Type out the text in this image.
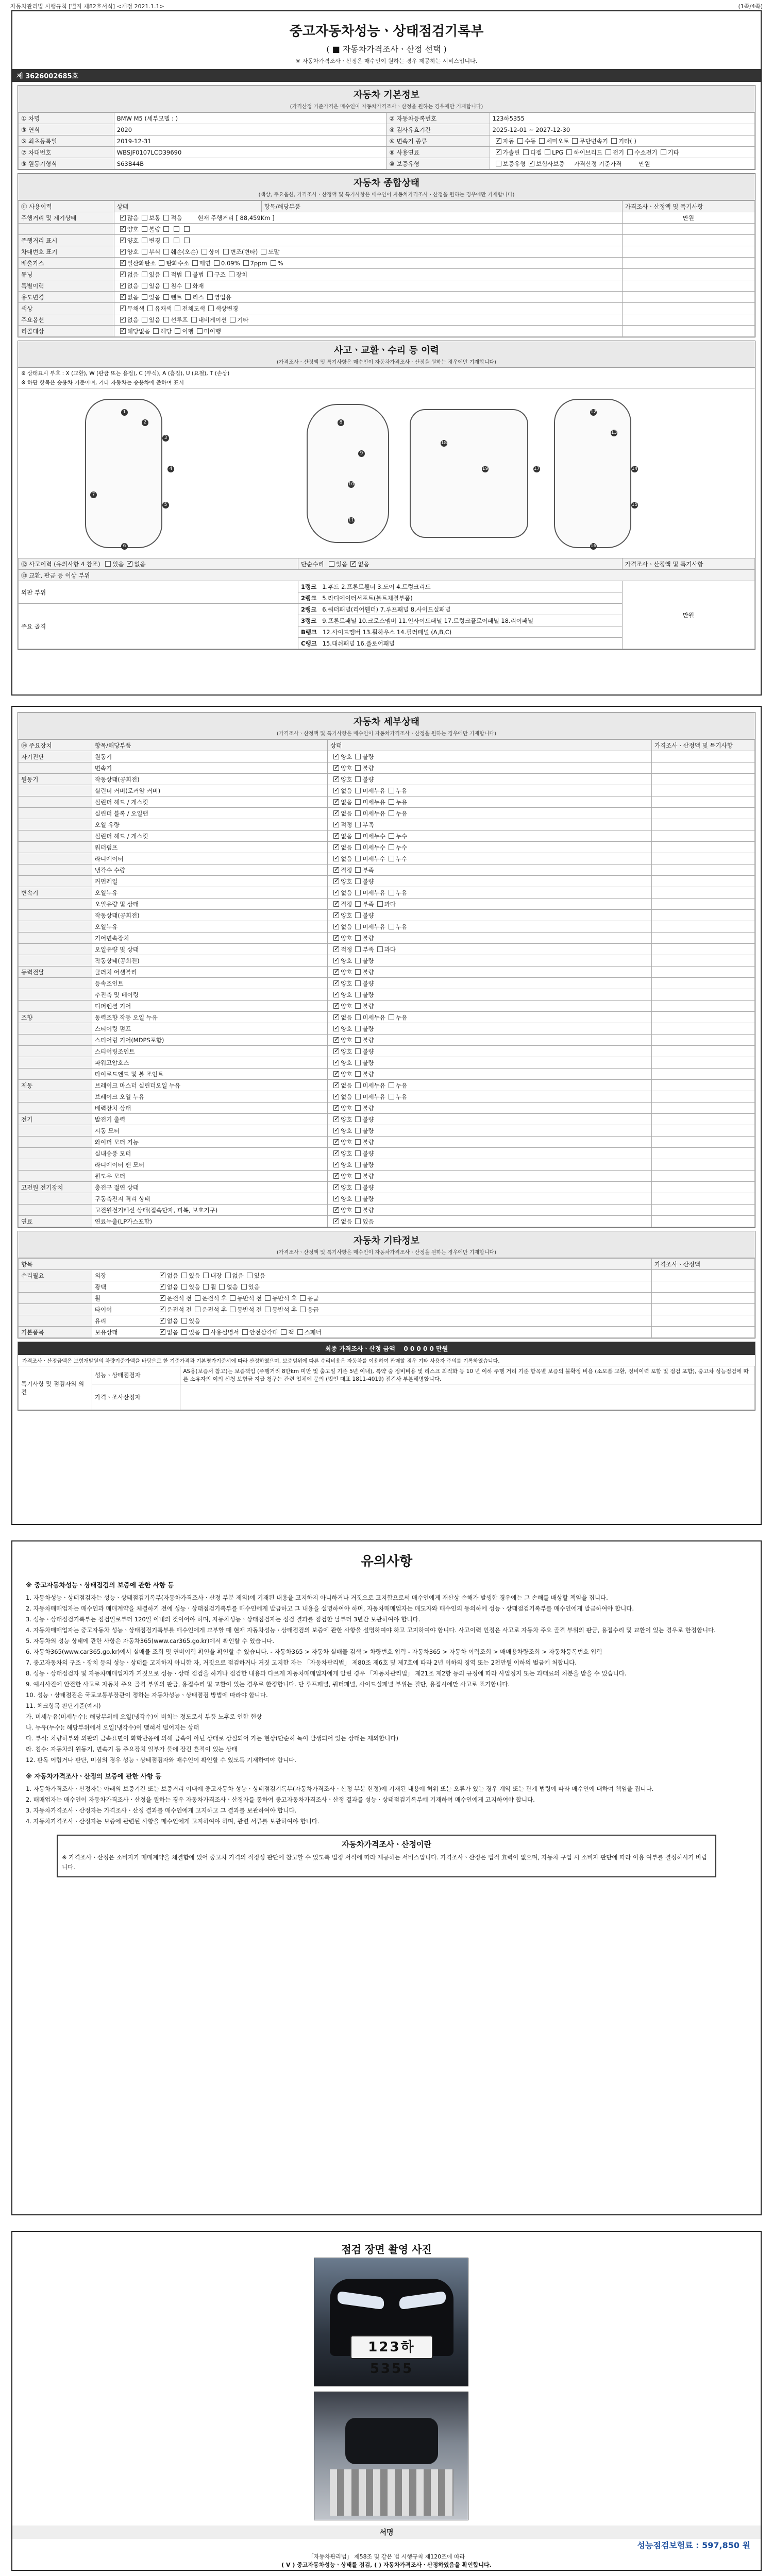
자동차관리법 시행규칙 [별지 제82호서식] <개정 2021.1.1>	(1쪽/4쪽)
중고자동차성능ㆍ상태점검기록부
( ■ 자동차가격조사ㆍ산정 선택 )
※ 자동차가격조사ㆍ산정은 매수인이 원하는 경우 제공하는 서비스입니다.
제 3626002685호
자동차 기본정보
(가격산정 기준가격은 매수인이 자동차가격조사ㆍ산정을 원하는 경우에만 기재합니다)
① 차명	BMW M5 (세부모델 : )	② 자동차등록번호	123하5355
③ 연식	2020	④ 검사유효기간	2025-12-01 ~ 2027-12-30
⑤ 최초등록일	2019-12-31	⑥ 변속기 종류	✓자동 수동 세미오토 무단변속기 기타( )
⑦ 차대번호	WBSJF0107LCD39690	⑧ 사용연료	✓가솔린 디젤 LPG 하이브리드 전기 수소전기 기타
⑨ 원동기형식	S63B44B	⑩ 보증유형	보증유형 ✓ 보험사보증 가격산정 기준가격 만원
자동차 종합상태
(색상, 주요옵션, 가격조사ㆍ산정액 및 특기사항은 매수인이 자동차가격조사ㆍ산정을 원하는 경우에만 기재합니다)
⑪ 사용이력	상태	항목/해당부품	가격조사ㆍ산정액 및 특기사항
주행거리 및 계기상태	✓많음 보통 적음 현재 주행거리 [ 88,459Km ]		만원
	✓양호 불량	
주행거리 표시	✓양호 변경	
차대번호 표기	✓양호 부식 훼손(오손) 상이 변조(변타) 도말	
배출가스	✓일산화탄소 탄화수소 매연 0.09% 7ppm %	
튜닝	✓없음 있음 적법 불법 구조 장치	
특별이력	✓없음 있음 침수 화재	
용도변경	✓없음 있음 렌트 리스 영업용	
색상	✓무채색 유채색 전체도색 색상변경	
주요옵션	✓없음 있음 선루프 내비게이션 기타	
리콜대상	✓해당없음 해당 이행 미이행	
사고ㆍ교환ㆍ수리 등 이력
(가격조사ㆍ산정액 및 특기사항은 매수인이 자동차가격조사ㆍ산정을 원하는 경우에만 기재합니다)
※ 상태표시 부호 : X (교환), W (판금 또는 용접), C (부식), A (흠집), U (요철), T (손상)
※ 하단 항목은 승용차 기준이며, 기타 자동차는 승용차에 준하여 표시
1
2
3
4
5
6
7
8
9
10
11
12
13
14
15
16
17
18
19
⑫ 사고이력 (유의사항 4 참조) 있음 ✓ 없음	단순수리 있음 ✓ 없음	가격조사ㆍ산정액 및 특기사항
⑬ 교환, 판금 등 이상 부위		
외판 부위	1랭크 1.후드 2.프론트휀더 3.도어 4.트렁크리드	만원
	2랭크 5.라디에이터서포트(볼트체결부품)	
주요 골격	2랭크 6.쿼터패널(리어휀더) 7.루프패널 8.사이드실패널	
	3랭크 9.프론트패널 10.크로스멤버 11.인사이드패널 17.트렁크플로어패널 18.리어패널	
	B랭크 12.사이드멤버 13.휠하우스 14.필러패널 (A,B,C)	
	C랭크 15.대쉬패널 16.플로어패널	
자동차 세부상태
(가격조사ㆍ산정액 및 특기사항은 매수인이 자동차가격조사ㆍ산정을 원하는 경우에만 기재합니다)
⑭ 주요장치	항목/해당부품	상태	가격조사ㆍ산정액 및 특기사항
자기진단	원동기	✓양호 불량	
	변속기	✓양호 불량	
원동기	작동상태(공회전)	✓양호 불량	
	실린더 커버(로커암 커버)	✓없음 미세누유 누유	
	실린더 헤드 / 개스킷	✓없음 미세누유 누유	
	실린더 블록 / 오일팬	✓없음 미세누유 누유	
	오일 유량	✓적정 부족	
	실린더 헤드 / 개스킷	✓없음 미세누수 누수	
	워터펌프	✓없음 미세누수 누수	
	라디에이터	✓없음 미세누수 누수	
	냉각수 수량	✓적정 부족	
	커먼레일	✓양호 불량	
변속기	오일누유	✓없음 미세누유 누유	
	오일유량 및 상태	✓적정 부족 과다	
	작동상태(공회전)	✓양호 불량	
	오일누유	✓없음 미세누유 누유	
	기어변속장치	✓양호 불량	
	오일유량 및 상태	✓적정 부족 과다	
	작동상태(공회전)	✓양호 불량	
동력전달	클러치 어셈블리	✓양호 불량	
	등속조인트	✓양호 불량	
	추진축 및 베어링	✓양호 불량	
	디퍼렌셜 기어	✓양호 불량	
조향	동력조향 작동 오일 누유	✓없음 미세누유 누유	
	스티어링 펌프	✓양호 불량	
	스티어링 기어(MDPS포함)	✓양호 불량	
	스티어링조인트	✓양호 불량	
	파워고압호스	✓양호 불량	
	타이로드엔드 및 볼 조인트	✓양호 불량	
제동	브레이크 마스터 실린더오일 누유	✓없음 미세누유 누유	
	브레이크 오일 누유	✓없음 미세누유 누유	
	배력장치 상태	✓양호 불량	
전기	발전기 출력	✓양호 불량	
	시동 모터	✓양호 불량	
	와이퍼 모터 기능	✓양호 불량	
	실내송풍 모터	✓양호 불량	
	라디에이터 팬 모터	✓양호 불량	
	윈도우 모터	✓양호 불량	
고전원 전기장치	충전구 절연 상태	✓양호 불량	
	구동축전지 격리 상태	✓양호 불량	
	고전원전기배선 상태(접속단자, 피복, 보호기구)	✓양호 불량	
연료	연료누출(LP가스포함)	✓없음 있음	
자동차 기타정보
(가격조사ㆍ산정액 및 특기사항은 매수인이 자동차가격조사ㆍ산정을 원하는 경우에만 기재합니다)
항목		가격조사ㆍ산정액
수리필요	외장 ✓ 없음 있음 내장 없음 있음	
	광택 ✓ 없음 있음 휠 없음 있음	
	휠 ✓ 운전석 전 운전석 후 동반석 전 동반석 후 응급	
	타이어 ✓ 운전석 전 운전석 후 동반석 전 동반석 후 응급	
	유리 ✓ 없음 있음	
기본품목	보유상태 ✓ 없음 있음 사용설명서 안전삼각대 잭 스패너	
최종 가격조사ㆍ산정 금액 0 0 0 0 0 만원
가격조사ㆍ산정금액은 보험개발원의 차량기준가액을 바탕으로 한 기준가격과 기본평가기준서에 따라 산정하였으며, 보증범위에 따른 수리비용은 자동차를 이용하여 판매할 경우 기타 사용자 주의를 기록하였습니다.
특기사항 및 점검자의 의견	성능ㆍ상태점검자	AS용(보증서 참고)는 보증책임 (주행거리 8만km 미만 및 출고일 기준 5년 이내), 특약 중 정비비용 및 리스크 최적화 등 10 년 이하 주행 거리 기준 항목별 보증의 불확정 비용 (소모품 교환, 정비이력 포함 및 점검 포함), 중고차 성능점검에 따른 소유자의 이의 신청 보험금 지급 청구는 관련 업체에 문의 (법인 대표 1811-4019) 점검사 부분해명합니다.
	가격ㆍ조사산정자	
유의사항
※ 중고자동차성능ㆍ상태점검의 보증에 관한 사항 등

1. 자동차성능ㆍ상태점검자는 성능ㆍ상태점검기록부(자동차가격조사ㆍ산정 부분 제외)에 기재된 내용을 고지하지 아니하거나 거짓으로 고지함으로써 매수인에게 재산상 손해가 발생한 경우에는 그 손해를 배상할 책임을 집니다.

2. 자동차매매업자는 매수인과 매매계약을 체결하기 전에 성능ㆍ상태점검기록부를 매수인에게 발급하고 그 내용을 설명하여야 하며, 자동차매매업자는 매도자와 매수인의 동의하에 성능ㆍ상태점검기록부를 매수인에게 발급하여야 합니다.

3. 성능ㆍ상태점검기록부는 점검일로부터 120일 이내의 것이어야 하며, 자동차성능ㆍ상태점검자는 점검 결과를 점검한 날부터 3년간 보관하여야 합니다.

4. 자동차매매업자는 중고자동차 성능ㆍ상태점검기록부를 매수인에게 교부할 때 현재 자동차성능ㆍ상태점검의 보증에 관한 사항을 설명하여야 하고 고지하여야 합니다. 사고이력 인정은 사고로 자동차 주요 골격 부위의 판금, 용접수리 및 교환이 있는 경우로 한정합니다.

5. 자동차의 성능 상태에 관한 사항은 자동차365(www.car365.go.kr)에서 확인할 수 있습니다.

6. 자동차365(www.car365.go.kr)에서 실매물 조회 및 연비이력 확인을 확인할 수 있습니다. - 자동차365 > 자동차 실매물 검색 > 차량번호 입력 - 자동차365 > 자동차 이력조회 > 매매용차량조회 > 자동차등록번호 입력

7. 중고자동차의 구조ㆍ장치 등의 성능ㆍ상태를 고지하지 아니한 자, 거짓으로 점검하거나 거짓 고지한 자는 「자동차관리법」 제80조 제6호 및 제7호에 따라 2년 이하의 징역 또는 2천만원 이하의 벌금에 처합니다.

8. 성능ㆍ상태점검자 및 자동차매매업자가 거짓으로 성능ㆍ상태 점검을 하거나 점검한 내용과 다르게 자동차매매업자에게 알린 경우 「자동차관리법」 제21조 제2항 등의 규정에 따라 사업정지 또는 과태료의 처분을 받을 수 있습니다.

9. 예시사진에 안전한 사고로 자동차 주요 골격 부위의 판금, 용접수리 및 교환이 있는 경우로 한정합니다. 단 루프패널, 쿼터패널, 사이드실패널 부위는 절단, 용접시에만 사고로 표기합니다.

10. 성능ㆍ상태점검은 국토교통부장관이 정하는 자동차성능ㆍ상태점검 방법에 따라야 합니다.

11. 체크항목 판단기준(예시)

가. 미세누유(미세누수): 해당부위에 오일(냉각수)이 비치는 정도로서 부품 노후로 인한 현상

나. 누유(누수): 해당부위에서 오일(냉각수)이 맺혀서 떨어지는 상태

다. 부식: 차량하부와 외판의 금속표면이 화학반응에 의해 금속이 아닌 상태로 상실되어 가는 현상(단순히 녹이 발생되어 있는 상태는 제외합니다)

라. 침수: 자동차의 원동기, 변속기 등 주요장치 일부가 물에 잠긴 흔적이 있는 상태

12. 판독 어렵거나 판단, 미심의 경우 성능ㆍ상태점검자와 매수인이 확인할 수 있도록 기재하여야 합니다.

※ 자동차가격조사ㆍ산정의 보증에 관한 사항 등

1. 자동차가격조사ㆍ산정자는 아래의 보증기간 또는 보증거리 이내에 중고자동차 성능ㆍ상태점검기록부(자동차가격조사ㆍ산정 부분 한정)에 기재된 내용에 허위 또는 오류가 있는 경우 계약 또는 관계 법령에 따라 매수인에 대하여 책임을 집니다.

2. 매매업자는 매수인이 자동차가격조사ㆍ산정을 원하는 경우 자동차가격조사ㆍ산정자를 통하여 중고자동차가격조사ㆍ산정 결과를 성능ㆍ상태점검기록부에 기재하여 매수인에게 고지하여야 합니다.

3. 자동차가격조사ㆍ산정자는 가격조사ㆍ산정 결과를 매수인에게 고지하고 그 결과를 보관하여야 합니다.

4. 자동차가격조사ㆍ산정자는 보증에 관련된 사항을 매수인에게 고지하여야 하며, 관련 서류를 보관하여야 합니다.

자동차가격조사ㆍ산정이란
※ 가격조사ㆍ산정은 소비자가 매매계약을 체결함에 있어 중고차 가격의 적정성 판단에 참고할 수 있도록 법정 서식에 따라 제공하는 서비스입니다. 가격조사ㆍ산정은 법적 효력이 없으며, 자동차 구입 시 소비자 판단에 따라 이용 여부를 결정하시기 바랍니다.
점검 장면 촬영 사진
123하5355
서명
성능점검보험료 : 597,850 원
「자동차관리법」 제58조 및 같은 법 시행규칙 제120조에 따라
( V ) 중고자동차성능ㆍ상태를 점검, ( ) 자동차가격조사ㆍ산정하였음을 확인합니다.
